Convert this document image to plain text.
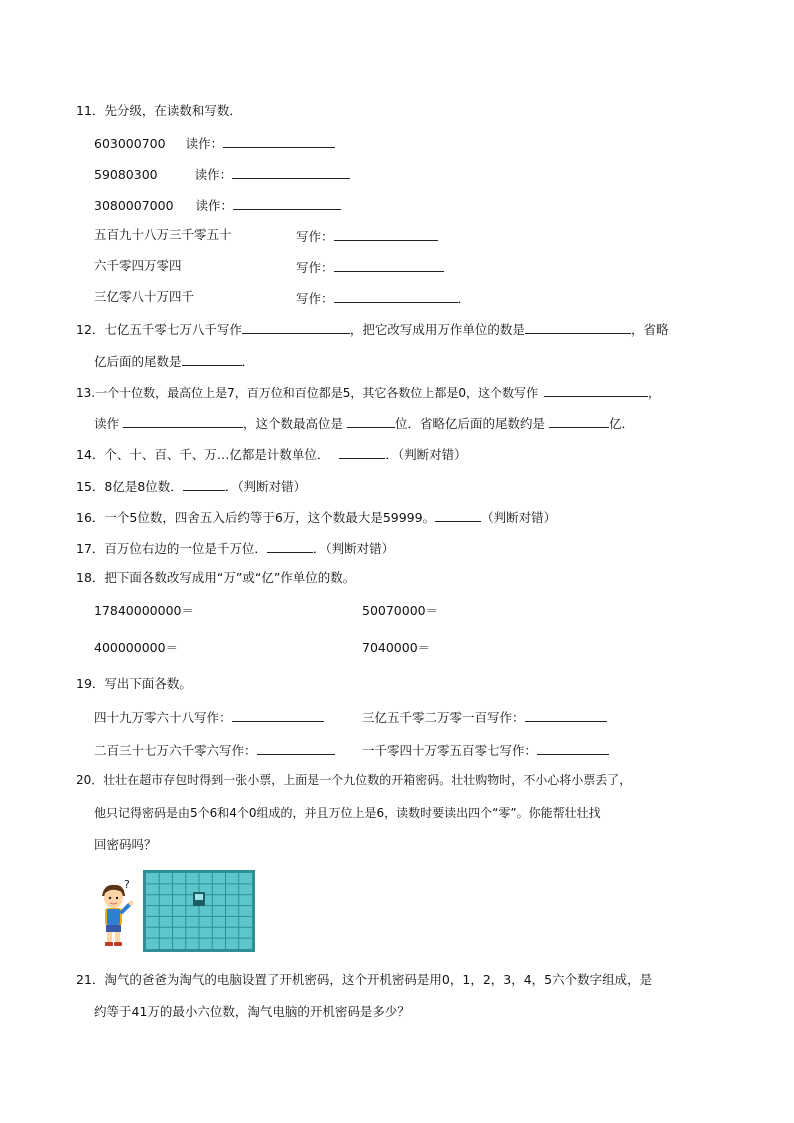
11．先分级，在读数和写数．
603000700 读作：
59080300	读作：
3080007000 读作：
五百九十八万三千零五十	写作：
六千零四万零四	写作：
三亿零八十万四千	写作：	．
12．七亿五千零七万八千写作	，把它改写成用万作单位的数是	，省略
亿后面的尾数是	．
13.一个十位数，最高位上是7，百万位和百位都是5，其它各数位上都是0，这个数写作	，
读作	，这个数最高位是	位．省略亿后面的尾数约是	亿．
14．个、十、百、千、万…亿都是计数单位．	．（判断对错）
15．8亿是8位数．	．（判断对错）
16．一个5位数，四舍五入后约等于6万，这个数最大是59999。	（判断对错）
17．百万位右边的一位是千万位．	．（判断对错）
18．把下面各数改写成用“万”或“亿”作单位的数。
17840000000＝	50070000＝
400000000＝	7040000＝
19．写出下面各数。
四十九万零六十八写作：	三亿五千零二万零一百写作：
二百三十七万六千零六写作：	一千零四十万零五百零七写作：
20．壮壮在超市存包时得到一张小票，上面是一个九位数的开箱密码。壮壮购物时，不小心将小票丢了，
他只记得密码是由5个6和4个0组成的，并且万位上是6，读数时要读出四个“零”。你能帮壮壮找
回密码吗？
?
21．淘气的爸爸为淘气的电脑设置了开机密码，这个开机密码是用0，1，2，3，4，5六个数字组成，是
约等于41万的最小六位数，淘气电脑的开机密码是多少？
